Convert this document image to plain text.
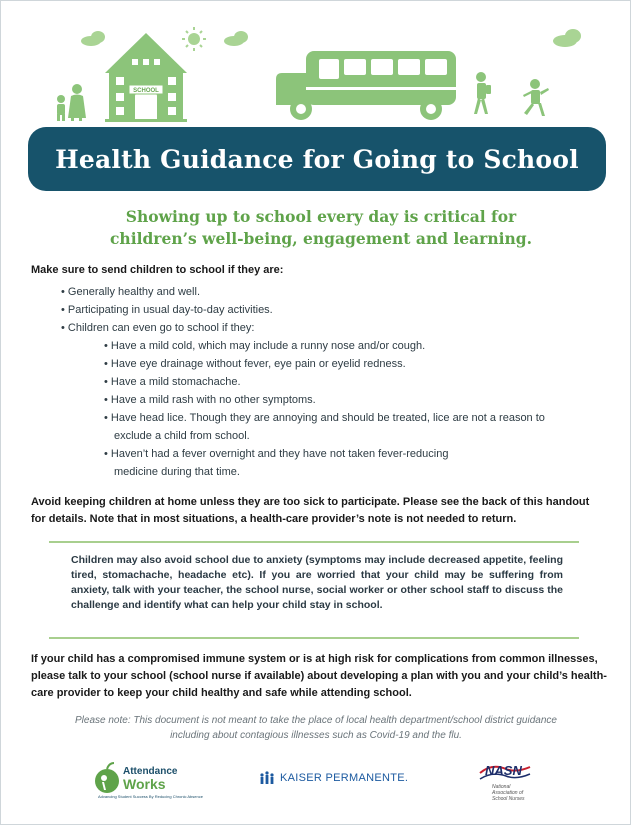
SCHOOL
Health Guidance for Going to School
Showing up to school every day is critical for
children’s well-being, engagement and learning.
Make sure to send children to school if they are:
• Generally healthy and well.
• Participating in usual day-to-day activities.
• Children can even go to school if they:
• Have a mild cold, which may include a runny nose and/or cough.
• Have eye drainage without fever, eye pain or eyelid redness.
• Have a mild stomachache.
• Have a mild rash with no other symptoms.
• Have head lice. Though they are annoying and should be treated, lice are not a reason to exclude a child from school.
• Haven’t had a fever overnight and they have not taken fever-reducing medicine during that time.
Avoid keeping children at home unless they are too sick to participate. Please see the back of this handout for details. Note that in most situations, a health-care provider’s note is not needed to return.
Children may also avoid school due to anxiety (symptoms may include decreased appetite, feeling tired, stomachache, headache etc). If you are worried that your child may be suffering from anxiety, talk with your teacher, the school nurse, social worker or other school staff to discuss the challenge and identify what can help your child stay in school.
If your child has a compromised immune system or is at high risk for complications from common illnesses, please talk to your school (school nurse if available) about developing a plan with you and your child’s health-care provider to keep your child healthy and safe while attending school.
Please note: This document is not meant to take the place of local health department/school district guidance including about contagious illnesses such as Covid-19 and the flu.
Attendance
Works
Advancing Student Success By Reducing Chronic Absence
KAISER PERMANENTE.	NASN
National Association of School Nurses
